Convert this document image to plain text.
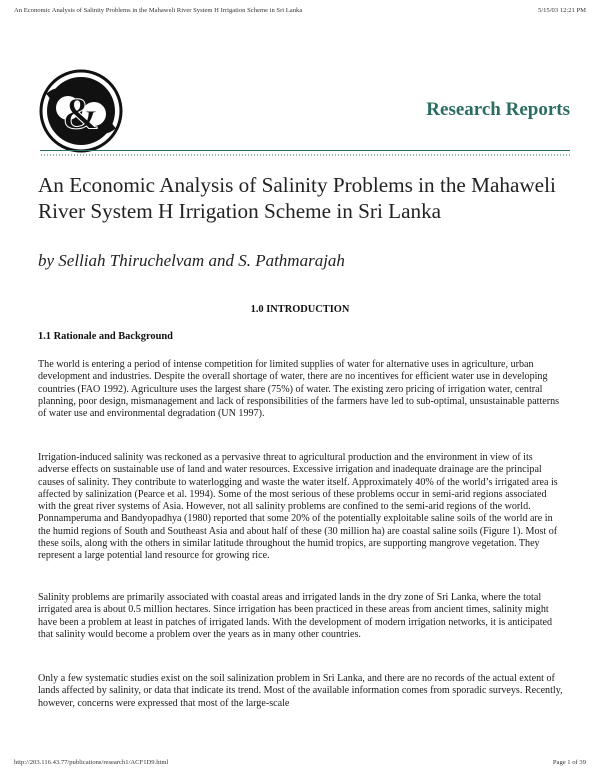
An Economic Analysis of Salinity Problems in the Mahaweli River System H Irrigation Scheme in Sri Lanka	5/15/03 12:21 PM
&	Research Reports
An Economic Analysis of Salinity Problems in the Mahaweli River System H Irrigation Scheme in Sri Lanka
by Selliah Thiruchelvam and S. Pathmarajah
1.0 INTRODUCTION
1.1 Rationale and Background

The world is entering a period of intense competition for limited supplies of water for alternative uses in agriculture, urban development and industries. Despite the overall shortage of water, there are no incentives for efficient water use in developing countries (FAO 1992). Agriculture uses the largest share (75%) of water. The existing zero pricing of irrigation water, central planning, poor design, mismanagement and lack of responsibilities of the farmers have led to sub-optimal, unsustainable patterns of water use and environmental degradation (UN 1997).

Irrigation-induced salinity was reckoned as a pervasive threat to agricultural production and the environment in view of its adverse effects on sustainable use of land and water resources. Excessive irrigation and inadequate drainage are the principal causes of salinity. They contribute to waterlogging and waste the water itself. Approximately 40% of the world’s irrigated area is affected by salinization (Pearce et al. 1994). Some of the most serious of these problems occur in semi-arid regions associated with the great river systems of Asia. However, not all salinity problems are confined to the semi-arid regions of the world. Ponnamperuma and Bandyopadhya (1980) reported that some 20% of the potentially exploitable saline soils of the world are in the humid regions of South and Southeast Asia and about half of these (30 million ha) are coastal saline soils (Figure 1). Most of these soils, along with the others in similar latitude throughout the humid tropics, are supporting mangrove vegetation. They represent a large potential land resource for growing rice.

Salinity problems are primarily associated with coastal areas and irrigated lands in the dry zone of Sri Lanka, where the total irrigated area is about 0.5 million hectares. Since irrigation has been practiced in these areas from ancient times, salinity might have been a problem at least in patches of irrigated lands. With the development of modern irrigation networks, it is anticipated that salinity would become a problem over the years as in many other countries.

Only a few systematic studies exist on the soil salinization problem in Sri Lanka, and there are no records of the actual extent of lands affected by salinity, or data that indicate its trend. Most of the available information comes from sporadic surveys. Recently, however, concerns were expressed that most of the large-scale

http://203.116.43.77/publications/research1/ACF1D9.html	Page 1 of 39
